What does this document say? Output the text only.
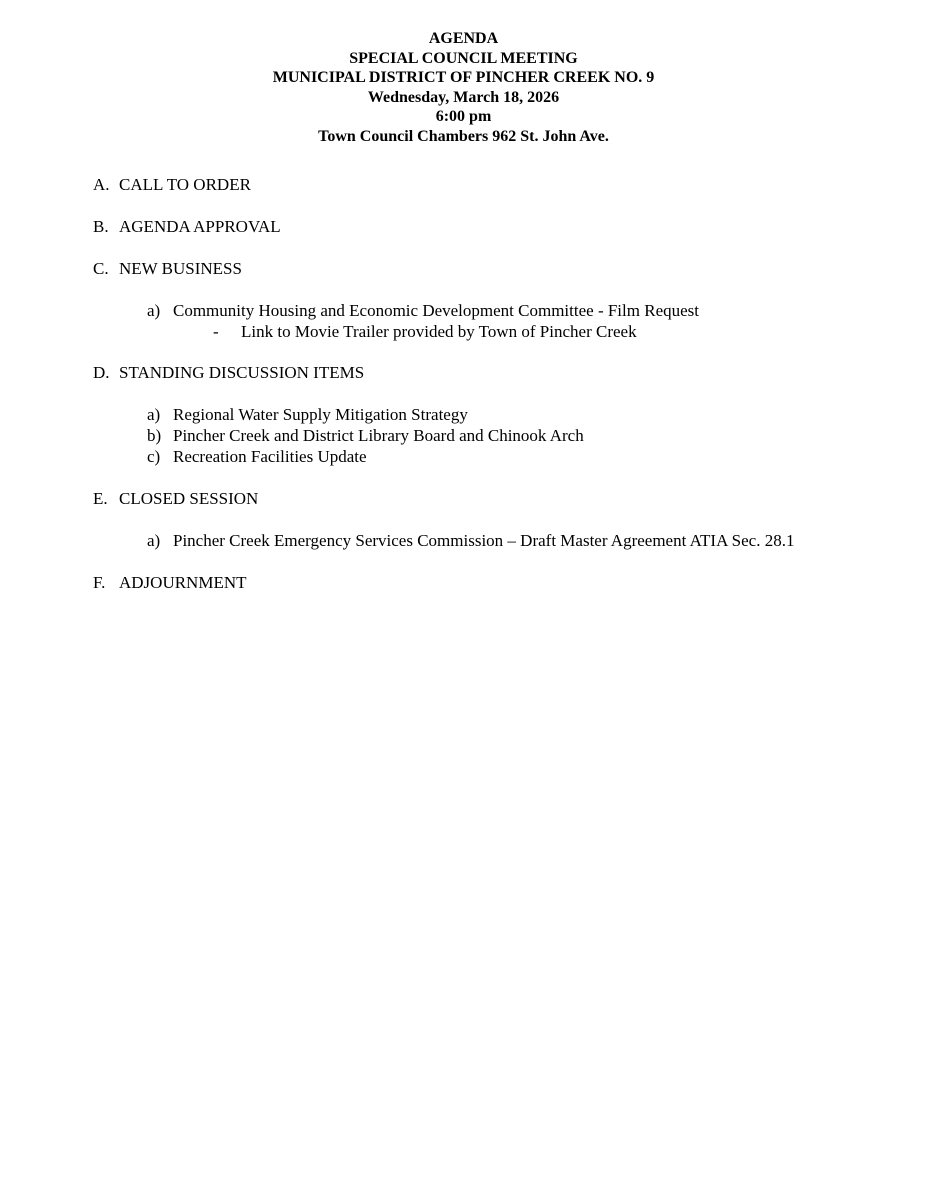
AGENDA
SPECIAL COUNCIL MEETING
MUNICIPAL DISTRICT OF PINCHER CREEK NO. 9
Wednesday, March 18, 2026
6:00 pm
Town Council Chambers 962 St. John Ave.
A. CALL TO ORDER
B. AGENDA APPROVAL
C. NEW BUSINESS
a) Community Housing and Economic Development Committee - Film Request
- Link to Movie Trailer provided by Town of Pincher Creek
D. STANDING DISCUSSION ITEMS
a) Regional Water Supply Mitigation Strategy
b) Pincher Creek and District Library Board and Chinook Arch
c) Recreation Facilities Update
E. CLOSED SESSION
a) Pincher Creek Emergency Services Commission – Draft Master Agreement ATIA Sec. 28.1
F. ADJOURNMENT
